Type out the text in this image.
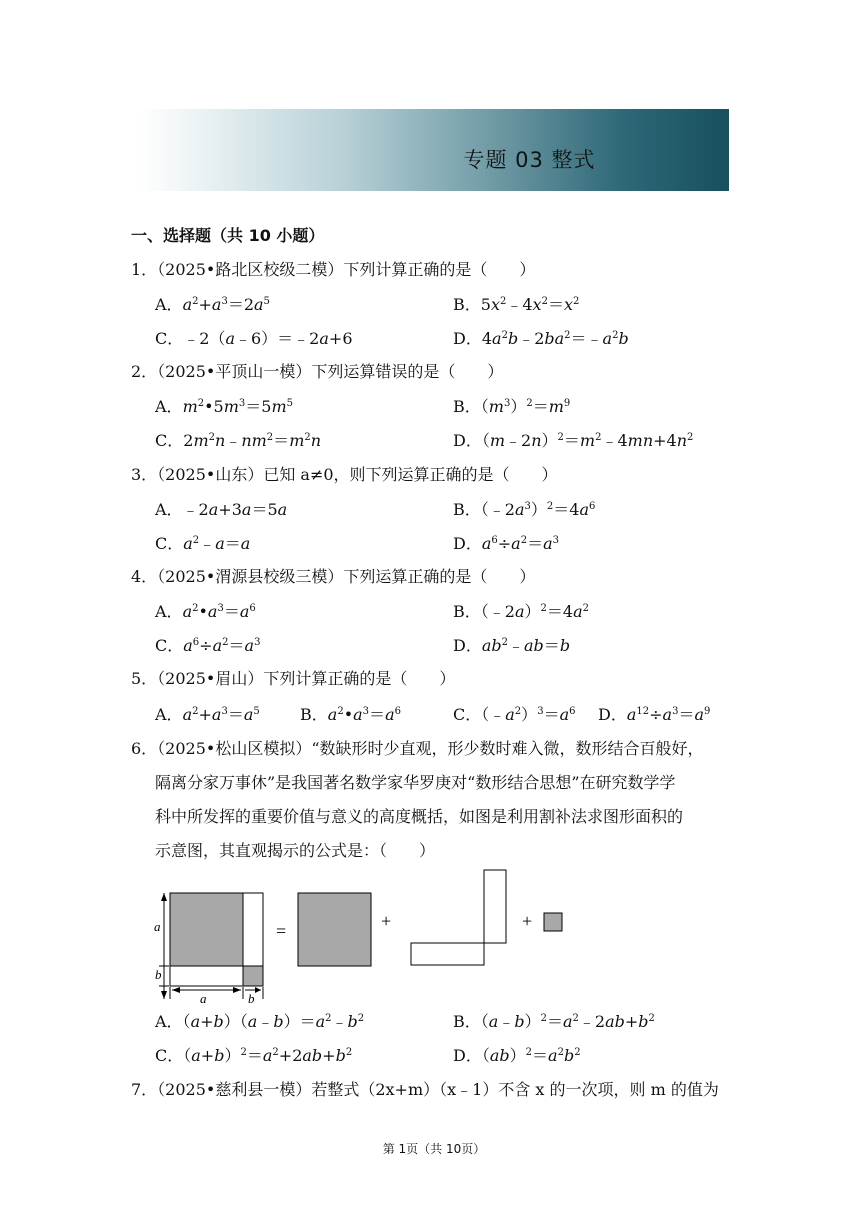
专题 03 整式
一、选择题（共 10 小题）
1．（2025•路北区校级二模）下列计算正确的是（　　）
A．$a^2+a^3=2a^5$	B．$5x^2﹣4x^2=x^2$
C．﹣2（a﹣6）＝﹣2a+6	D．$4a^2b﹣2ba^2=﹣a^2b$
2．（2025•平顶山一模）下列运算错误的是（　　）
A．$m^2•5m^3=5m^5$	B．$(m^3)^2=m^9$
C．$2m^2n﹣nm^2=m^2n$	D．$(m﹣2n)^2=m^2﹣4mn+4n^2$
3．（2025•山东）已知 a≠0，则下列运算正确的是（　　）
A．﹣2a+3a＝5a	B．$(﹣2a^3)^2=4a^6$
C．$a^2﹣a=a$	D．$a^6\div a^2=a^3$
4．（2025•渭源县校级三模）下列运算正确的是（　　）
A．$a^2•a^3=a^6$	B．$(﹣2a)^2=4a^2$
C．$a^6\div a^2=a^3$	D．$ab^2﹣ab=b$
5．（2025•眉山）下列计算正确的是（　　）
A．$a^2+a^3=a^5$	B．$a^2•a^3=a^6$	C．$(﹣a^2)^3=a^6$ D．$a^{12}\div a^3=a^9$
6．（2025•松山区模拟）“数缺形时少直观，形少数时难入微，数形结合百般好，
隔离分家万事休”是我国著名数学家华罗庚对“数形结合思想”在研究数学学
科中所发挥的重要价值与意义的高度概括，如图是利用割补法求图形面积的
示意图，其直观揭示的公式是：（　　）
a
b
a	b
=	+	+
A．$(a+b)(a﹣b)=a^2﹣b^2$	B．$(a﹣b)^2=a^2﹣2ab+b^2$
C．$(a+b)^2=a^2+2ab+b^2$	D．$(ab)^2=a^2b^2$
7．（2025•慈利县一模）若整式（2x+m）（x﹣1）不含 x 的一次项，则 m 的值为
第 1页（共 10页）
